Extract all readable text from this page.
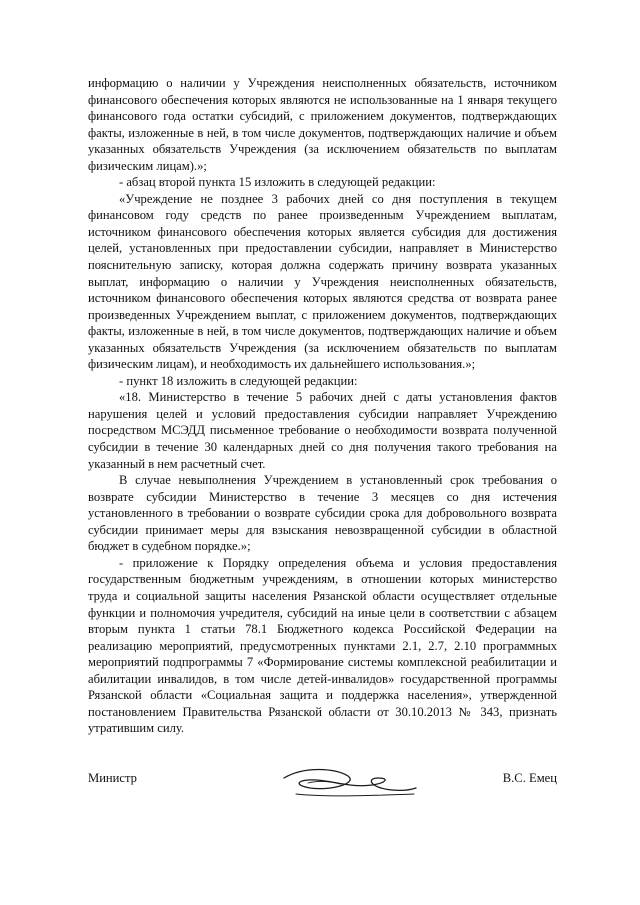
информацию о наличии у Учреждения неисполненных обязательств, источником финансового обеспечения которых являются не использованные на 1 января текущего финансового года остатки субсидий, с приложением документов, подтверждающих факты, изложенные в ней, в том числе документов, подтверждающих наличие и объем указанных обязательств Учреждения (за исключением обязательств по выплатам физическим лицам).»;

- абзац второй пункта 15 изложить в следующей редакции:

«Учреждение не позднее 3 рабочих дней со дня поступления в текущем финансовом году средств по ранее произведенным Учреждением выплатам, источником финансового обеспечения которых является субсидия для достижения целей, установленных при предоставлении субсидии, направляет в Министерство пояснительную записку, которая должна содержать причину возврата указанных выплат, информацию о наличии у Учреждения неисполненных обязательств, источником финансового обеспечения которых являются средства от возврата ранее произведенных Учреждением выплат, с приложением документов, подтверждающих факты, изложенные в ней, в том числе документов, подтверждающих наличие и объем указанных обязательств Учреждения (за исключением обязательств по выплатам физическим лицам), и необходимость их дальнейшего использования.»;

- пункт 18 изложить в следующей редакции:

«18. Министерство в течение 5 рабочих дней с даты установления фактов нарушения целей и условий предоставления субсидии направляет Учреждению посредством МСЭДД письменное требование о необходимости возврата полученной субсидии в течение 30 календарных дней со дня получения такого требования на указанный в нем расчетный счет.

В случае невыполнения Учреждением в установленный срок требования о возврате субсидии Министерство в течение 3 месяцев со дня истечения установленного в требовании о возврате субсидии срока для добровольного возврата субсидии принимает меры для взыскания невозвращенной субсидии в областной бюджет в судебном порядке.»;

- приложение к Порядку определения объема и условия предоставления государственным бюджетным учреждениям, в отношении которых министерство труда и социальной защиты населения Рязанской области осуществляет отдельные функции и полномочия учредителя, субсидий на иные цели в соответствии с абзацем вторым пункта 1 статьи 78.1 Бюджетного кодекса Российской Федерации на реализацию мероприятий, предусмотренных пунктами 2.1, 2.7, 2.10 программных мероприятий подпрограммы 7 «Формирование системы комплексной реабилитации и абилитации инвалидов, в том числе детей-инвалидов» государственной программы Рязанской области «Социальная защита и поддержка населения», утвержденной постановлением Правительства Рязанской области от 30.10.2013 № 343, признать утратившим силу.

Министр	В.С. Емец
